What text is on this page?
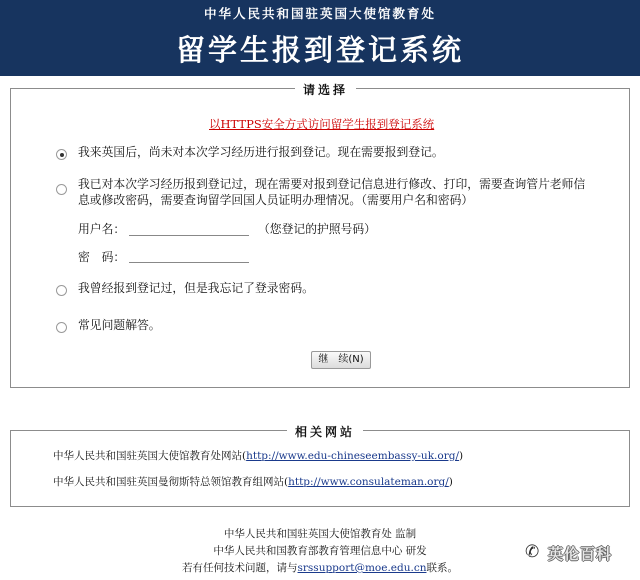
中华人民共和国驻英国大使馆教育处
留学生报到登记系统
请选择
以HTTPS安全方式访问留学生报到登记系统
我来英国后，尚未对本次学习经历进行报到登记。现在需要报到登记。
我已对本次学习经历报到登记过，现在需要对报到登记信息进行修改、打印，需要查询管片老师信
息或修改密码，需要查询留学回国人员证明办理情况。（需要用户名和密码）
用户名：	（您登记的护照号码）
密　码：
我曾经报到登记过，但是我忘记了登录密码。
常见问题解答。
继　续(N)
相关网站
中华人民共和国驻英国大使馆教育处网站(http://www.edu-chineseembassy-uk.org/)
中华人民共和国驻英国曼彻斯特总领馆教育组网站(http://www.consulateman.org/)
中华人民共和国驻英国大使馆教育处 监制
中华人民共和国教育部教育管理信息中心 研发
若有任何技术问题，请与srssupport@moe.edu.cn联系。
✆ 英伦百科
